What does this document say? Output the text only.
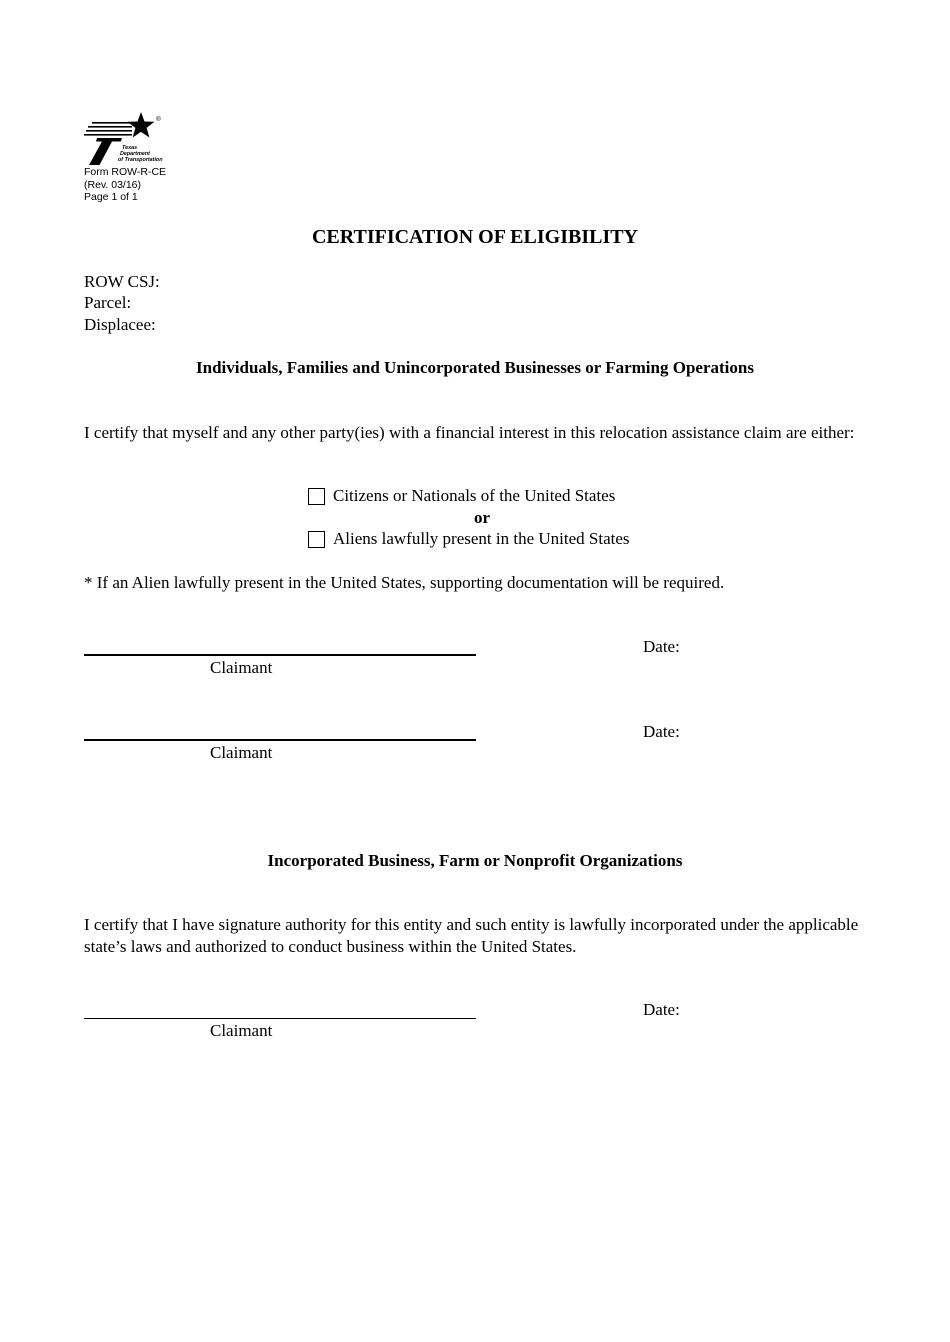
®
Texas
Department
of Transportation
Form ROW-R-CE
(Rev. 03/16)
Page 1 of 1
CERTIFICATION OF ELIGIBILITY
ROW CSJ:
Parcel:
Displacee:
Individuals, Families and Unincorporated Businesses or Farming Operations
I certify that myself and any other party(ies) with a financial interest in this relocation assistance claim are either:
Citizens or Nationals of the United States
or
Aliens lawfully present in the United States
* If an Alien lawfully present in the United States, supporting documentation will be required.
Claimant
Date:
Claimant
Date:
Incorporated Business, Farm or Nonprofit Organizations
I certify that I have signature authority for this entity and such entity is lawfully incorporated under the applicable state’s laws and authorized to conduct business within the United States.
Claimant
Date:
